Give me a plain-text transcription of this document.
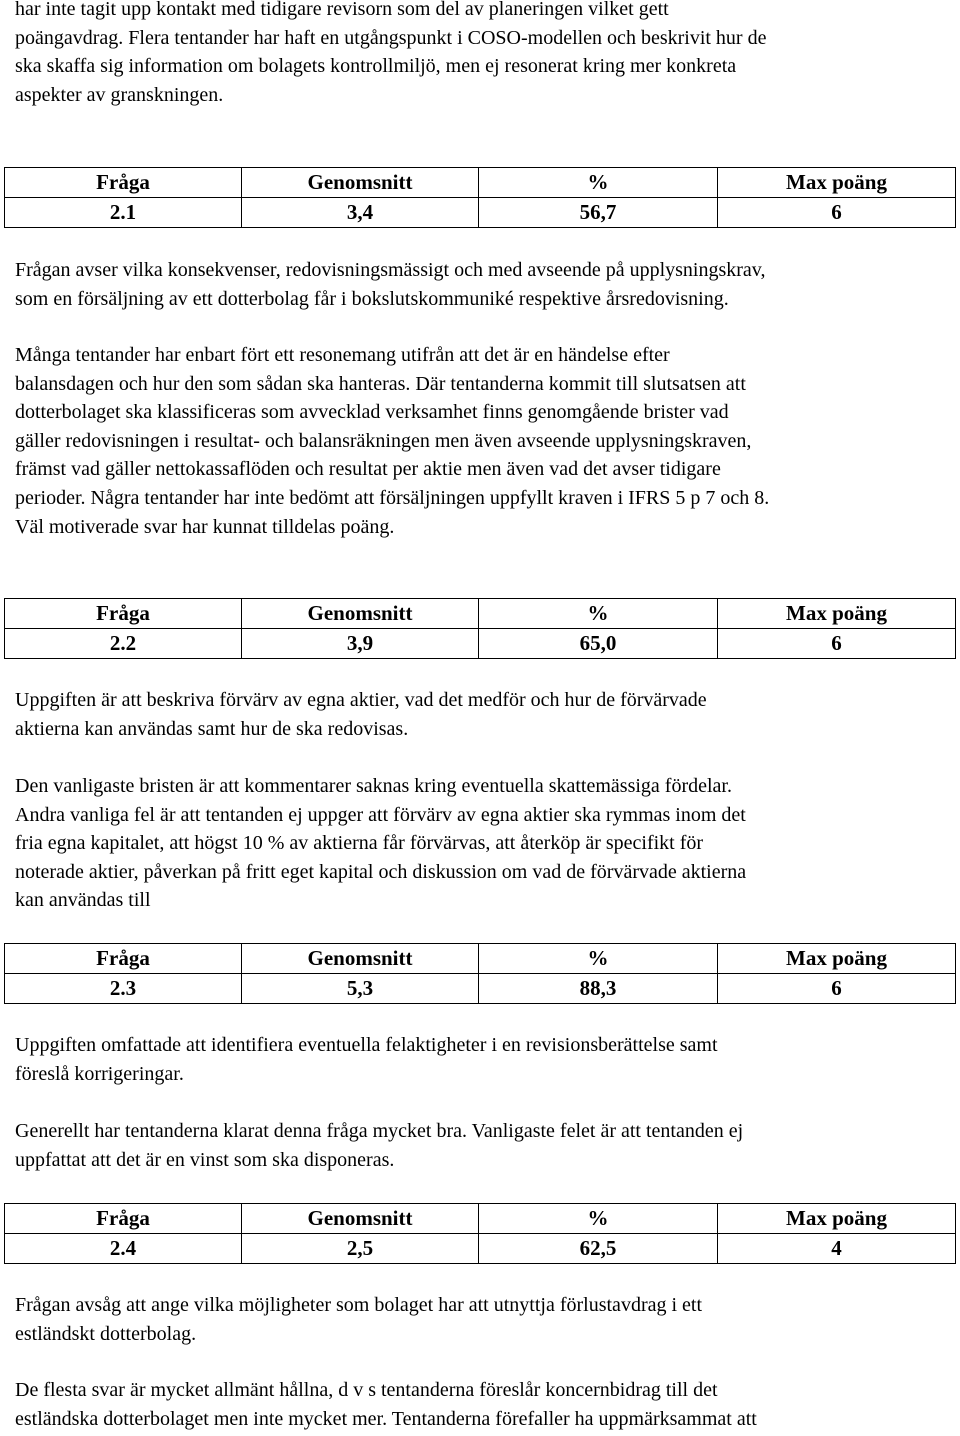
har inte tagit upp kontakt med tidigare revisorn som del av planeringen vilket gett
poängavdrag. Flera tentander har haft en utgångspunkt i COSO-modellen och beskrivit hur de
ska skaffa sig information om bolagets kontrollmiljö, men ej resonerat kring mer konkreta
aspekter av granskningen.

Fråga	Genomsnitt	%	Max poäng
2.1	3,4	56,7	6

Frågan avser vilka konsekvenser, redovisningsmässigt och med avseende på upplysningskrav,
som en försäljning av ett dotterbolag får i bokslutskommuniké respektive årsredovisning.

Många tentander har enbart fört ett resonemang utifrån att det är en händelse efter
balansdagen och hur den som sådan ska hanteras. Där tentanderna kommit till slutsatsen att
dotterbolaget ska klassificeras som avvecklad verksamhet finns genomgående brister vad
gäller redovisningen i resultat- och balansräkningen men även avseende upplysningskraven,
främst vad gäller nettokassaflöden och resultat per aktie men även vad det avser tidigare
perioder. Några tentander har inte bedömt att försäljningen uppfyllt kraven i IFRS 5 p 7 och 8.
Väl motiverade svar har kunnat tilldelas poäng.

Fråga	Genomsnitt	%	Max poäng
2.2	3,9	65,0	6

Uppgiften är att beskriva förvärv av egna aktier, vad det medför och hur de förvärvade
aktierna kan användas samt hur de ska redovisas.

Den vanligaste bristen är att kommentarer saknas kring eventuella skattemässiga fördelar.
Andra vanliga fel är att tentanden ej uppger att förvärv av egna aktier ska rymmas inom det
fria egna kapitalet, att högst 10 % av aktierna får förvärvas, att återköp är specifikt för
noterade aktier, påverkan på fritt eget kapital och diskussion om vad de förvärvade aktierna
kan användas till

Fråga	Genomsnitt	%	Max poäng
2.3	5,3	88,3	6

Uppgiften omfattade att identifiera eventuella felaktigheter i en revisionsberättelse samt
föreslå korrigeringar.

Generellt har tentanderna klarat denna fråga mycket bra. Vanligaste felet är att tentanden ej
uppfattat att det är en vinst som ska disponeras.

Fråga	Genomsnitt	%	Max poäng
2.4	2,5	62,5	4

Frågan avsåg att ange vilka möjligheter som bolaget har att utnyttja förlustavdrag i ett
estländskt dotterbolag.

De flesta svar är mycket allmänt hållna, d v s tentanderna föreslår koncernbidrag till det
estländska dotterbolaget men inte mycket mer. Tentanderna förefaller ha uppmärksammat att
